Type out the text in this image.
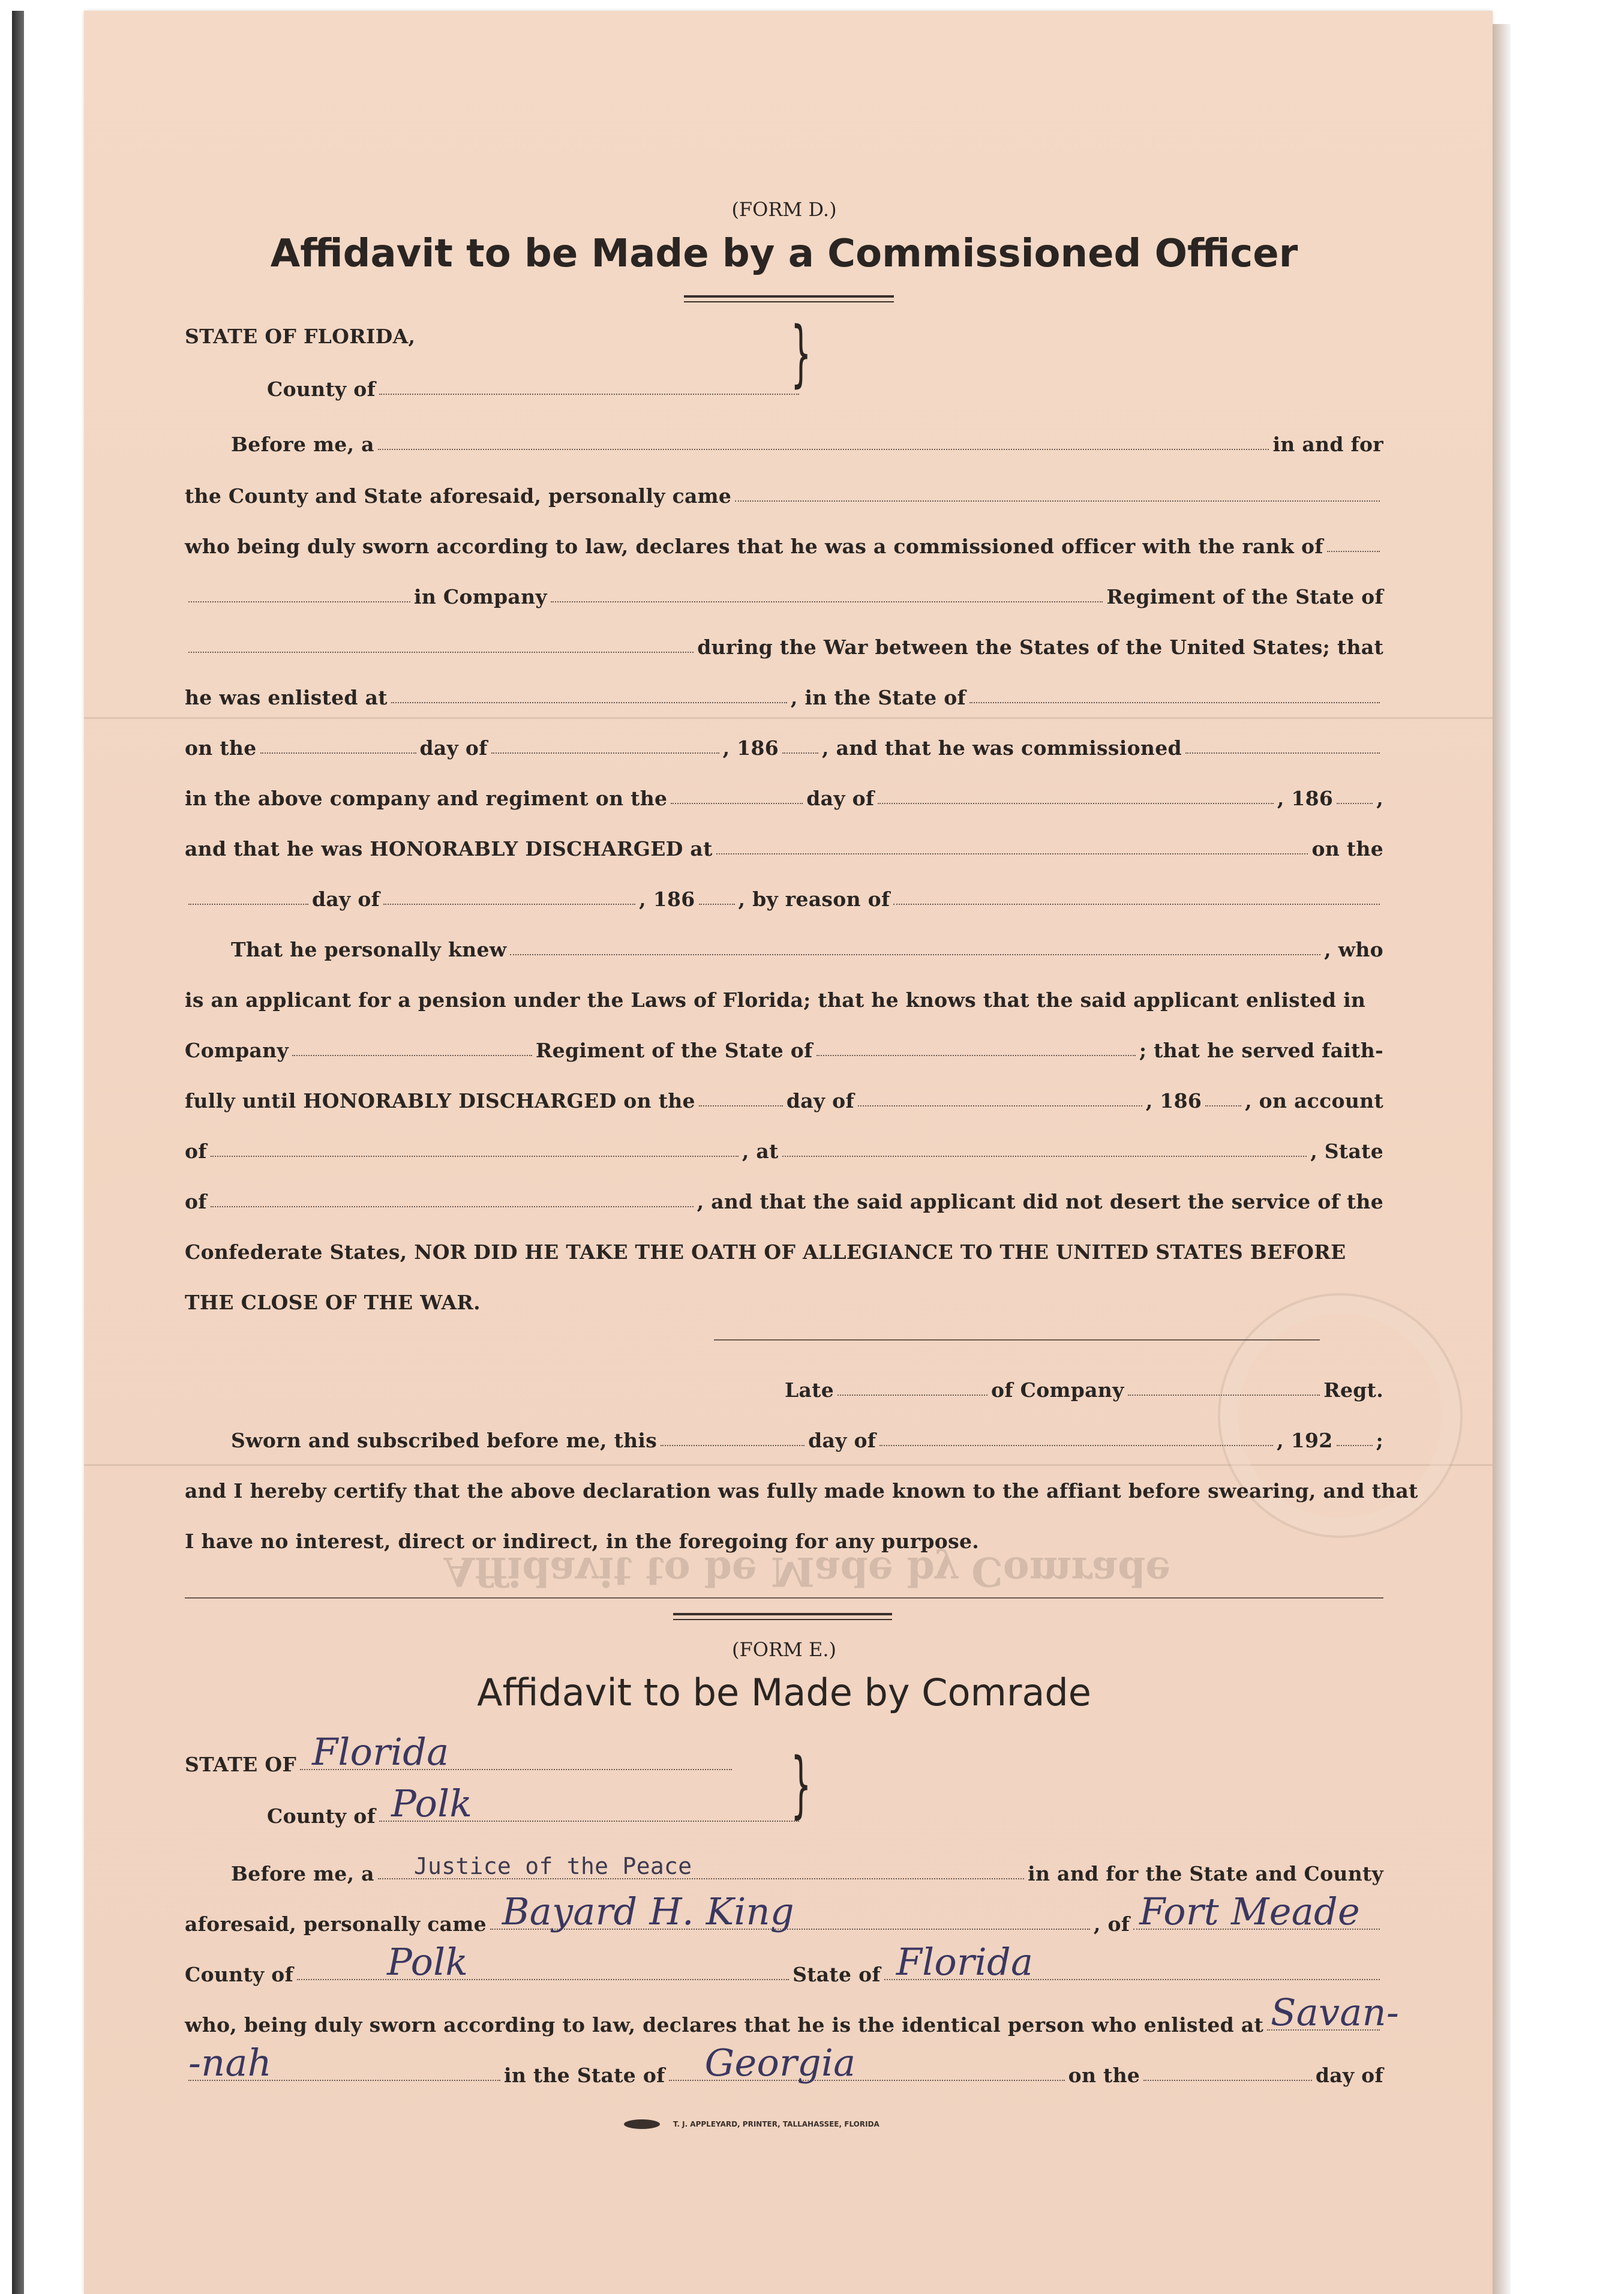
Affidavit to be Made by Comrade
(FORM D.)
Affidavit to be Made by a Commissioned Officer
STATE OF FLORIDA,
County of	}
Before me, a	in and for
the County and State aforesaid, personally came
who being duly sworn according to law, declares that he was a commissioned officer with the rank of
in Company	Regiment of the State of
during the War between the States of the United States; that
he was enlisted at	, in the State of
on the	day of	, 186 , and that he was commissioned
in the above company and regiment on the	day of	, 186 ,
and that he was HONORABLY DISCHARGED at	on the
day of	, 186 , by reason of
That he personally knew	, who
is an applicant for a pension under the Laws of Florida; that he knows that the said applicant enlisted in
Company	Regiment of the State of	; that he served faith-
fully until HONORABLY DISCHARGED on the	day of	, 186 , on account
of	, at	, State
of	, and that the said applicant did not desert the service of the
Confederate States, NOR DID HE TAKE THE OATH OF ALLEGIANCE TO THE UNITED STATES BEFORE
THE CLOSE OF THE WAR.
Late	of Company	Regt.
Sworn and subscribed before me, this	day of	, 192 ;
and I hereby certify that the above declaration was fully made known to the affiant before swearing, and that
I have no interest, direct or indirect, in the foregoing for any purpose.
(FORM E.)
Affidavit to be Made by Comrade
STATE OF Florida
County of Polk	}
Before me, a Justice of the Peace	in and for the State and County
aforesaid, personally came Bayard H. King	, of Fort Meade
County of	Polk	State of Florida
who, being duly sworn according to law, declares that he is the identical person who enlisted at Savan-
-nah	in the State of Georgia	on the	day of
T. J. APPLEYARD, PRINTER, TALLAHASSEE, FLORIDA
